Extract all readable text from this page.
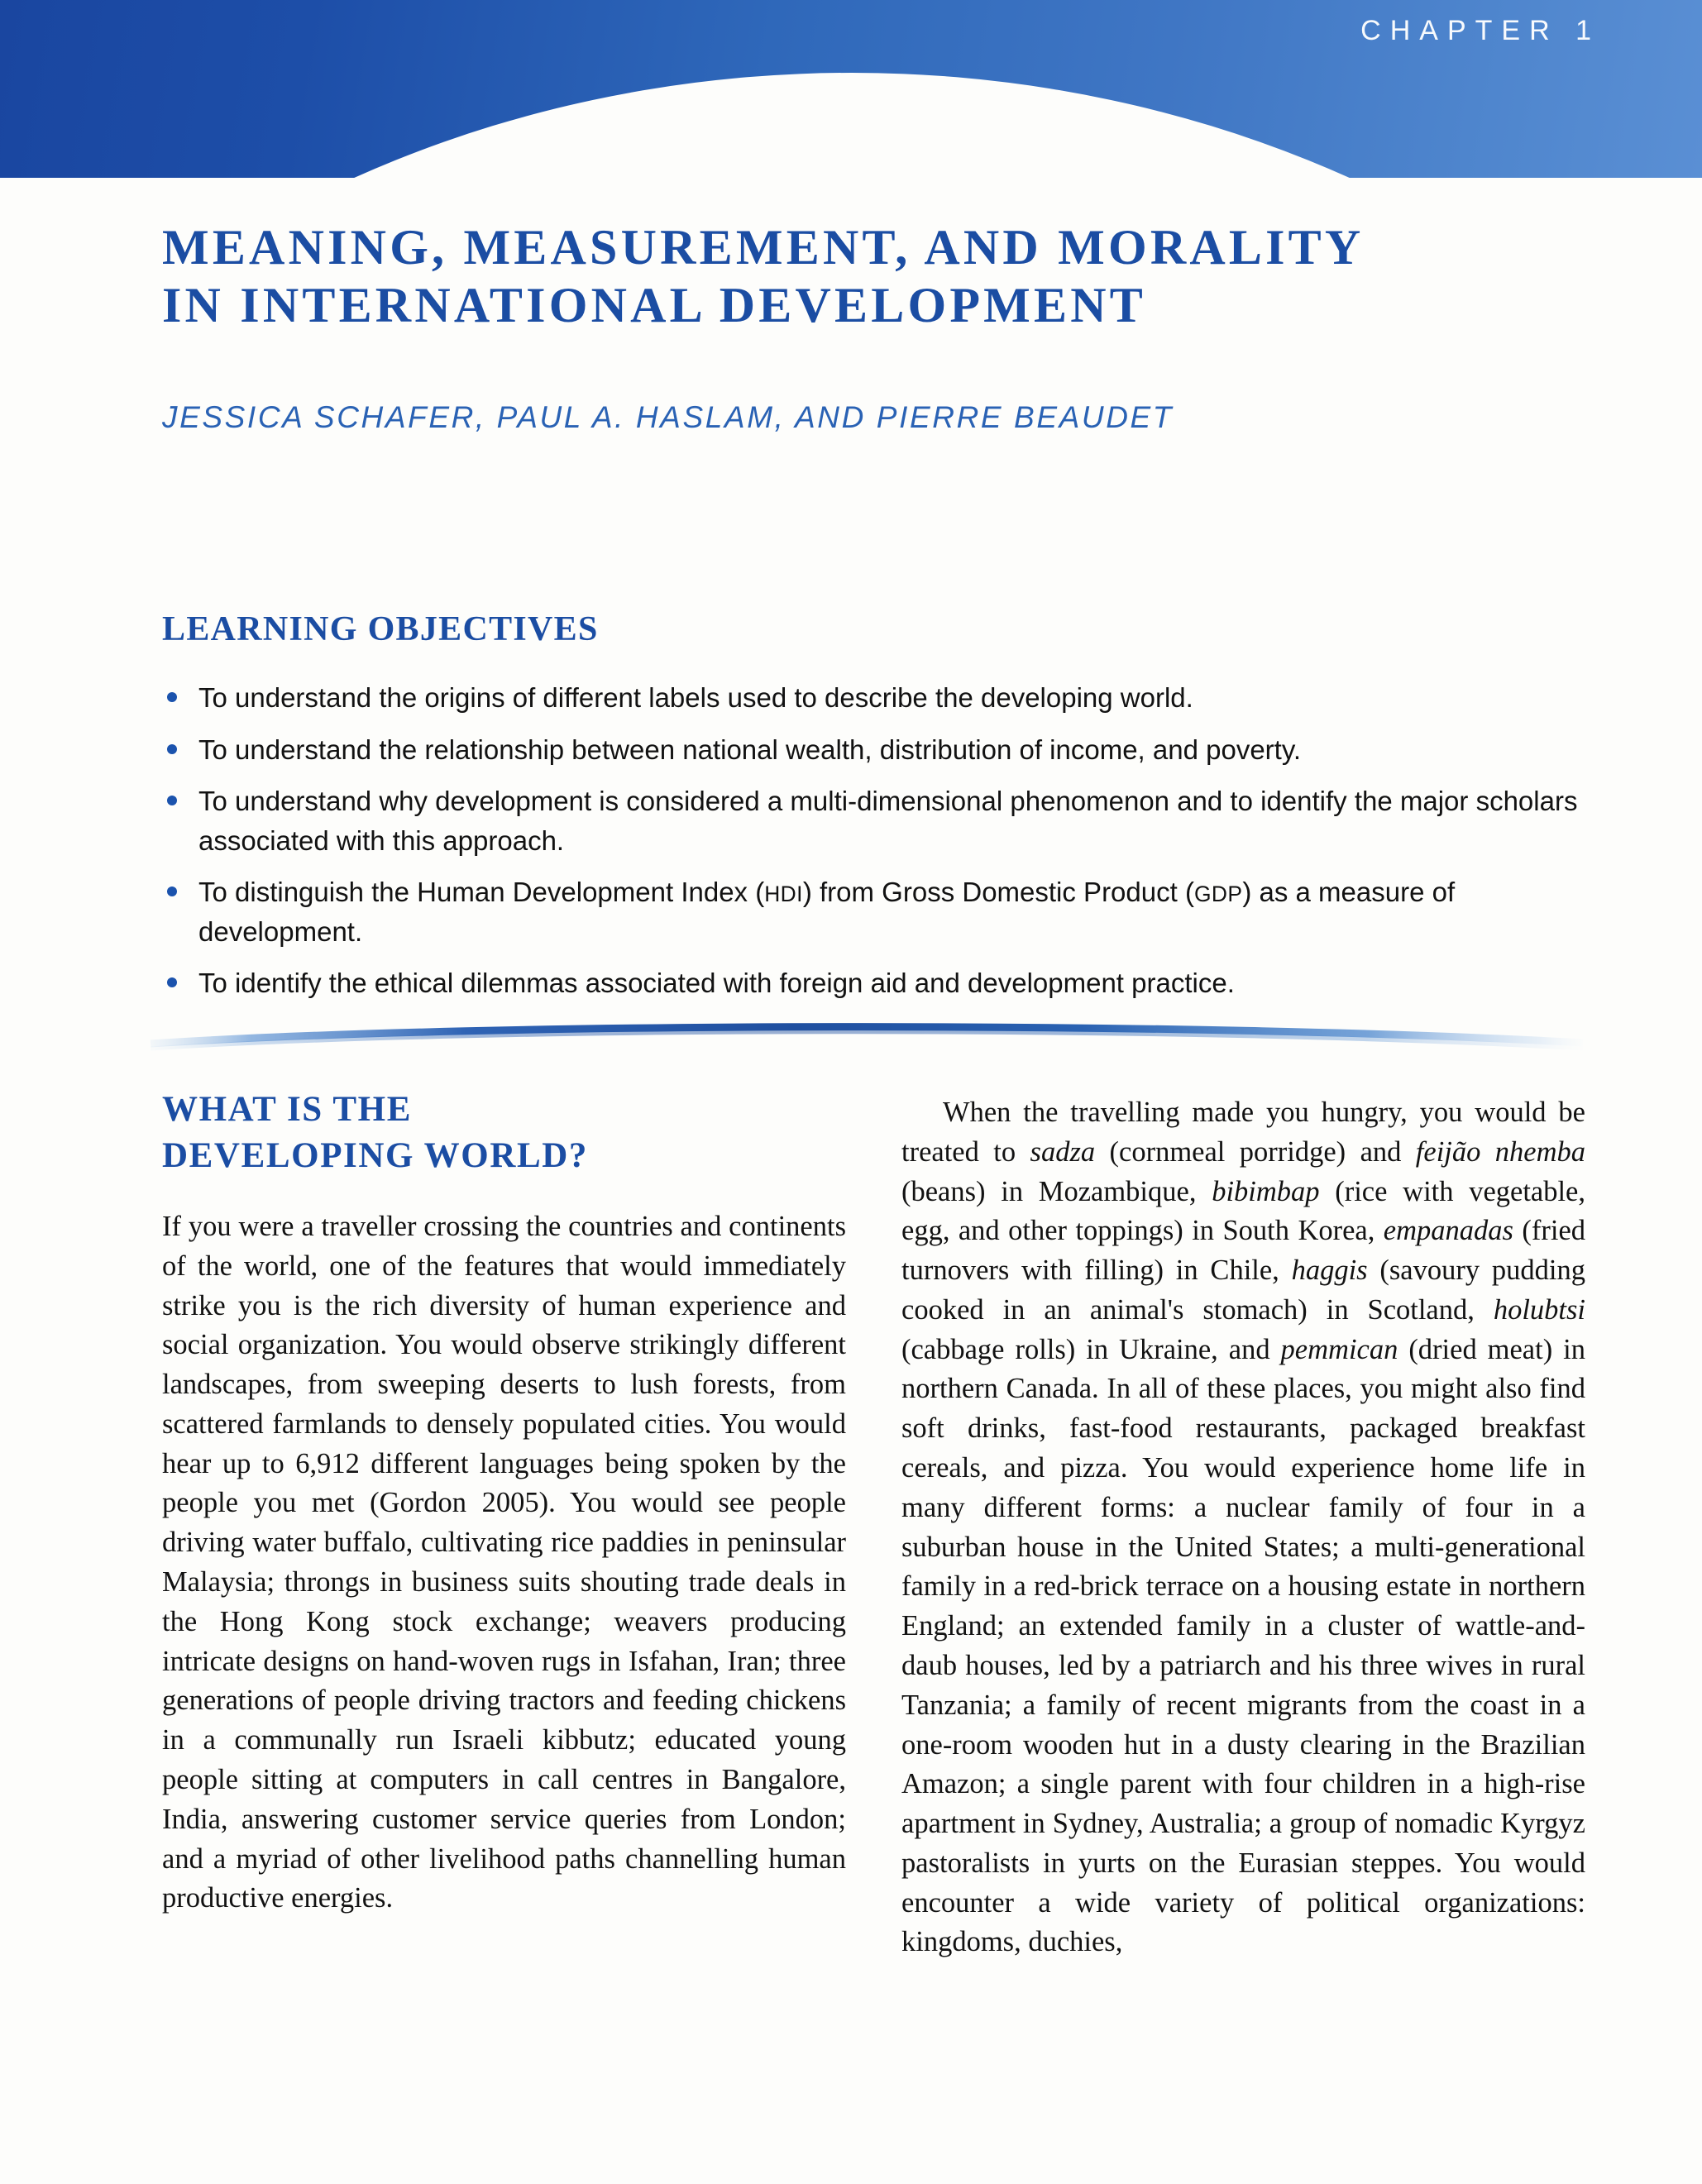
CHAPTER 1
MEANING, MEASUREMENT, AND MORALITY
IN INTERNATIONAL DEVELOPMENT
JESSICA SCHAFER, PAUL A. HASLAM, AND PIERRE BEAUDET
LEARNING OBJECTIVES
To understand the origins of different labels used to describe the developing world.
To understand the relationship between national wealth, distribution of income, and poverty.
To understand why development is considered a multi-dimensional phenomenon and to identify the major scholars associated with this approach.
To distinguish the Human Development Index (HDI) from Gross Domestic Product (GDP) as a measure of development.
To identify the ethical dilemmas associated with foreign aid and development practice.
WHAT IS THE
DEVELOPING WORLD?

If you were a traveller crossing the countries and continents of the world, one of the features that would immediately strike you is the rich diversity of human experience and social organization. You would observe strikingly different landscapes, from sweeping deserts to lush forests, from scattered farmlands to densely populated cities. You would hear up to 6,912 different languages being spoken by the people you met (Gordon 2005). You would see people driving water buffalo, cultivating rice paddies in peninsular Malaysia; throngs in business suits shouting trade deals in the Hong Kong stock exchange; weavers producing intricate designs on hand-woven rugs in Isfahan, Iran; three generations of people driving tractors and feeding chickens in a communally run Israeli kibbutz; educated young people sitting at computers in call centres in Bangalore, India, answering customer service queries from London; and a myriad of other livelihood paths channelling human productive energies.

When the travelling made you hungry, you would be treated to sadza (cornmeal porridge) and feijão nhemba (beans) in Mozambique, bibimbap (rice with vegetable, egg, and other toppings) in South Korea, empanadas (fried turnovers with filling) in Chile, haggis (savoury pudding cooked in an animal's stomach) in Scotland, holubtsi (cabbage rolls) in Ukraine, and pemmican (dried meat) in northern Canada. In all of these places, you might also find soft drinks, fast-food restaurants, packaged breakfast cereals, and pizza. You would experience home life in many different forms: a nuclear family of four in a suburban house in the United States; a multi-generational family in a red-brick terrace on a housing estate in northern England; an extended family in a cluster of wattle-and-daub houses, led by a patriarch and his three wives in rural Tanzania; a family of recent migrants from the coast in a one-room wooden hut in a dusty clearing in the Brazilian Amazon; a single parent with four children in a high-rise apartment in Sydney, Australia; a group of nomadic Kyrgyz pastoralists in yurts on the Eurasian steppes. You would encounter a wide variety of political organizations: kingdoms, duchies,
